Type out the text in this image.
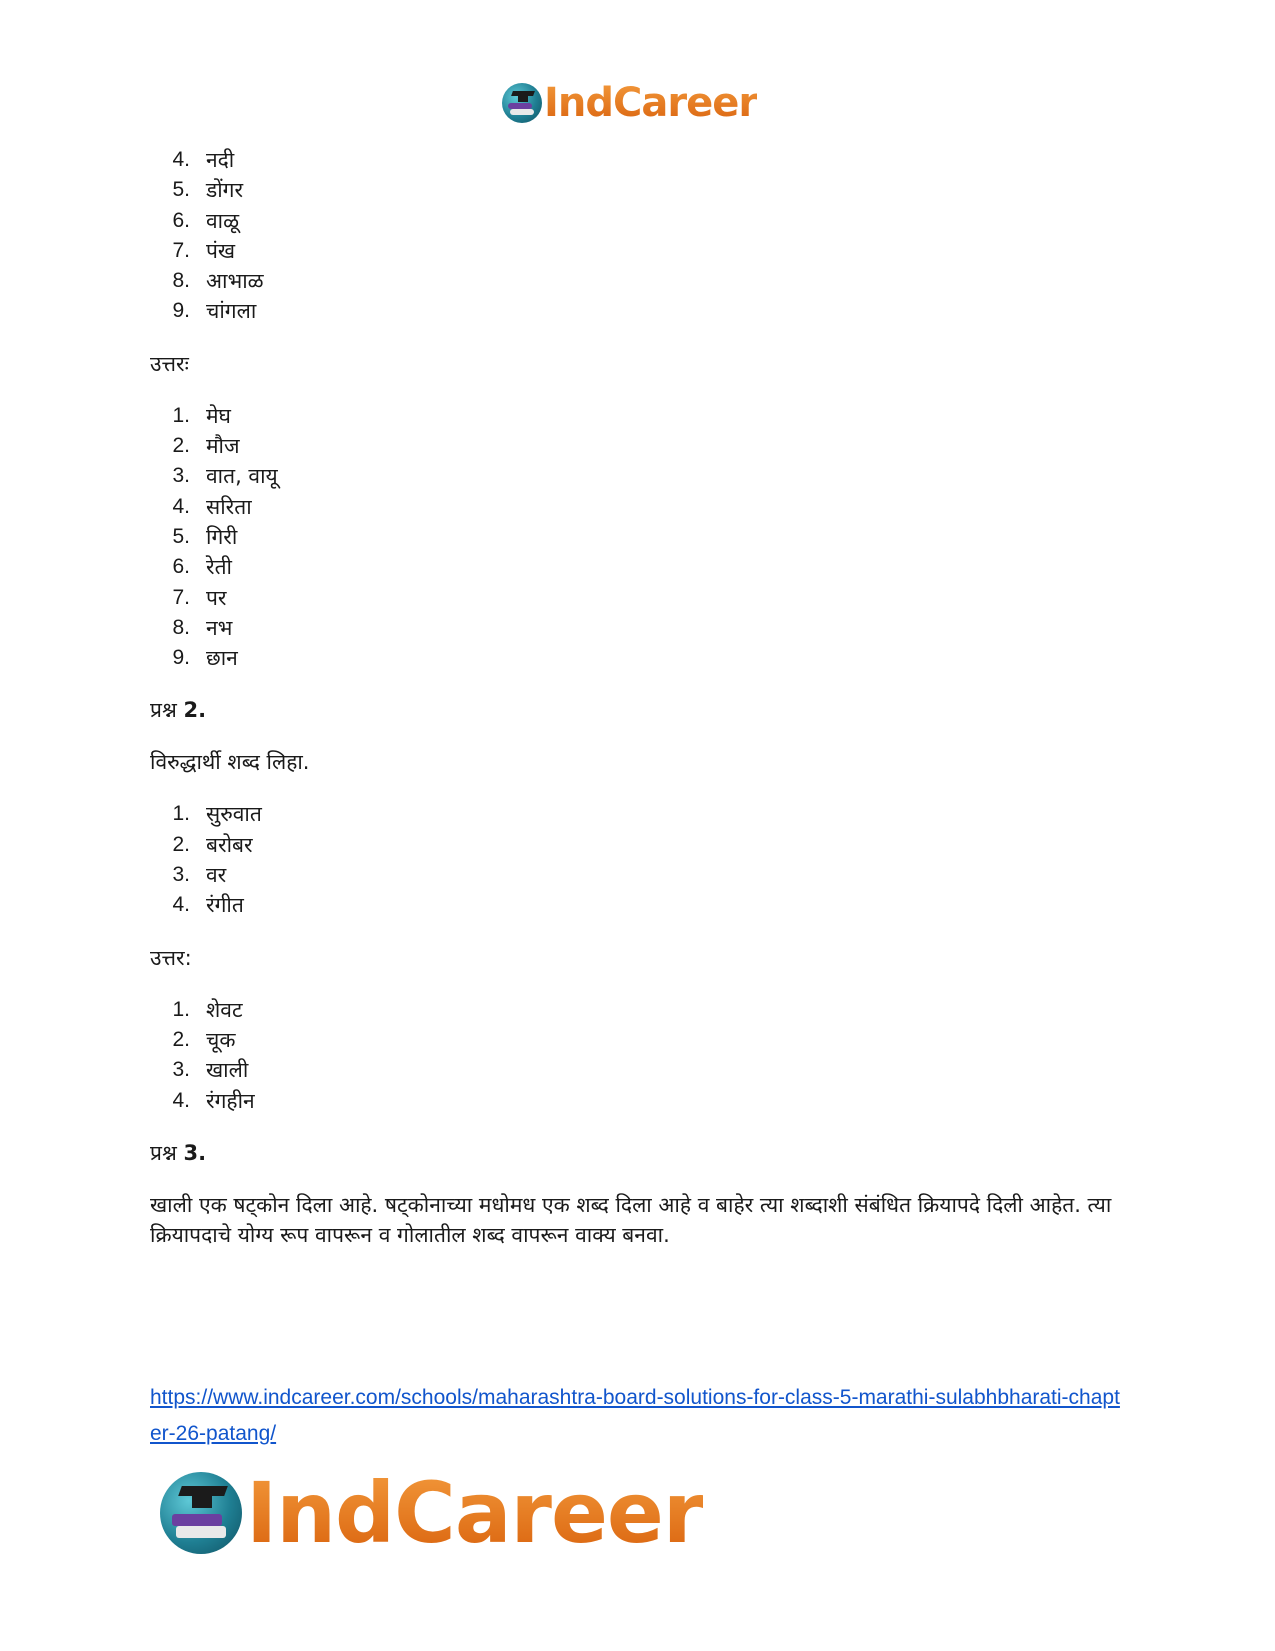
IndCareer
4. नदी
5. डोंगर
6. वाळू
7. पंख
8. आभाळ
9. चांगला

उत्तरः

1. मेघ
2. मौज
3. वात, वायू
4. सरिता
5. गिरी
6. रेती
7. पर
8. नभ
9. छान

प्रश्न 2.

विरुद्धार्थी शब्द लिहा.

1. सुरुवात
2. बरोबर
3. वर
4. रंगीत

उत्तर:

1. शेवट
2. चूक
3. खाली
4. रंगहीन

प्रश्न 3.

खाली एक षट्कोन दिला आहे. षट्कोनाच्या मधोमध एक शब्द दिला आहे व बाहेर त्या शब्दाशी संबंधित क्रियापदे दिली आहेत. त्या क्रियापदाचे योग्य रूप वापरून व गोलातील शब्द वापरून वाक्य बनवा.

https://www.indcareer.com/schools/maharashtra-board-solutions-for-class-5-marathi-sulabhbharati-chapter-26-patang/
IndCareer
